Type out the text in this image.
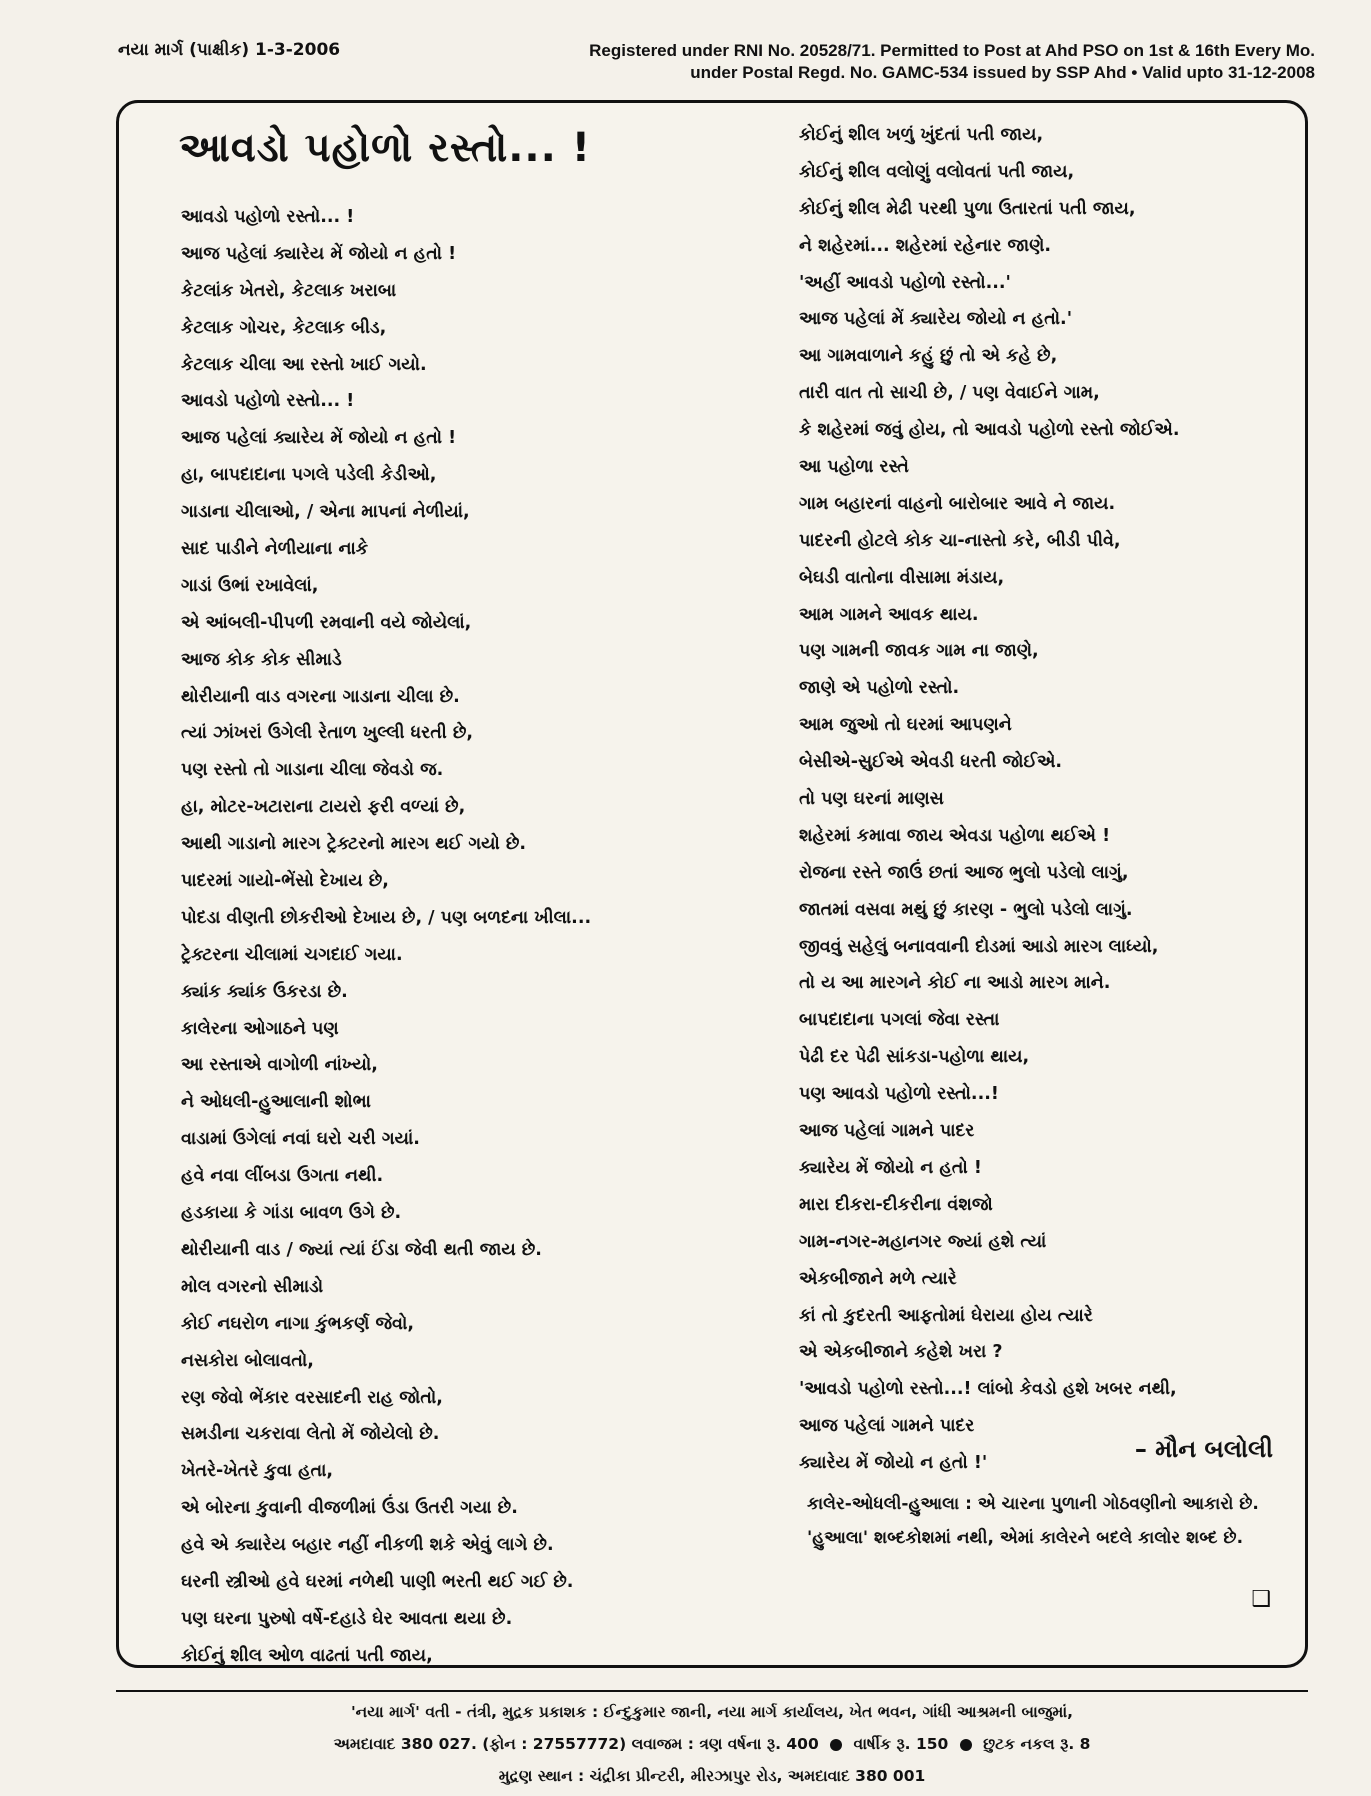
નયા માર્ગ (પાક્ષીક) 1-3-2006	Registered under RNI No. 20528/71. Permitted to Post at Ahd PSO on 1st & 16th Every Mo.
under Postal Regd. No. GAMC-534 issued by SSP Ahd • Valid upto 31-12-2008
આવડો પહોળો રસ્તો... !
આવડો પહોળો રસ્તો... !
આજ પહેલાં ક્યારેય મેં જોયો ન હતો !
કેટલાંક ખેતરો, કેટલાક ખરાબા
કેટલાક ગોચર, કેટલાક બીડ,
કેટલાક ચીલા આ રસ્તો ખાઈ ગયો.
આવડો પહોળો રસ્તો... !
આજ પહેલાં ક્યારેય મેં જોયો ન હતો !
હા, બાપદાદાના પગલે પડેલી કેડીઓ,
ગાડાના ચીલાઓ, / એના માપનાં નેળીયાં,
સાદ પાડીને નેળીયાના નાકે
ગાડાં ઉભાં રખાવેલાં,
એ આંબલી-પીપળી રમવાની વયે જોયેલાં,
આજ કોક કોક સીમાડે
થોરીયાની વાડ વગરના ગાડાના ચીલા છે.
ત્યાં ઝાંખરાં ઉગેલી રેતાળ ખુલ્લી ધરતી છે,
પણ રસ્તો તો ગાડાના ચીલા જેવડો જ.
હા, મોટર-ખટારાના ટાયરો ફરી વળ્યાં છે,
આથી ગાડાનો મારગ ટ્રેક્ટરનો મારગ થઈ ગયો છે.
પાદરમાં ગાયો-ભેંસો દેખાય છે,
પોદડા વીણતી છોકરીઓ દેખાય છે, / પણ બળદના ખીલા...
ટ્રેક્ટરના ચીલામાં ચગદાઈ ગયા.
ક્યાંક ક્યાંક ઉકરડા છે.
કાલેરના ઓગાઠને પણ
આ રસ્તાએ વાગોળી નાંખ્યો,
ને ઓધલી-હુઆલાની શોભા
વાડામાં ઉગેલાં નવાં ઘરો ચરી ગયાં.
હવે નવા લીંબડા ઉગતા નથી.
હડકાયા કે ગાંડા બાવળ ઉગે છે.
થોરીયાની વાડ / જ્યાં ત્યાં ઈંડા જેવી થતી જાય છે.
મોલ વગરનો સીમાડો
કોઈ નઘરોળ નાગા કુંભકર્ણ જેવો,
નસકોરા બોલાવતો,
રણ જેવો ભેંકાર વરસાદની રાહ જોતો,
સમડીના ચકરાવા લેતો મેં જોયેલો છે.
ખેતરે-ખેતરે કુવા હતા,
એ બોરના કુવાની વીજળીમાં ઉંડા ઉતરી ગયા છે.
હવે એ ક્યારેય બહાર નહીં નીકળી શકે એવું લાગે છે.
ઘરની સ્ત્રીઓ હવે ઘરમાં નળેથી પાણી ભરતી થઈ ગઈ છે.
પણ ઘરના પુરુષો વર્ષે-દહાડે ઘેર આવતા થયા છે.
કોઈનું શીલ ઓળ વાઢતાં પતી જાય,
કોઈનું શીલ ખળું ખુંદતાં પતી જાય,
કોઈનું શીલ વલોણું વલોવતાં પતી જાય,
કોઈનું શીલ મેઢી પરથી પુળા ઉતારતાં પતી જાય,
ને શહેરમાં... શહેરમાં રહેનાર જાણે.
'અહીં આવડો પહોળો રસ્તો...'
આજ પહેલાં મેં ક્યારેય જોયો ન હતો.'
આ ગામવાળાને કહું છું તો એ કહે છે,
તારી વાત તો સાચી છે, / પણ વેવાઈને ગામ,
કે શહેરમાં જવું હોય, તો આવડો પહોળો રસ્તો જોઈએ.
આ પહોળા રસ્તે
ગામ બહારનાં વાહનો બારોબાર આવે ને જાય.
પાદરની હોટલે કોક ચા-નાસ્તો કરે, બીડી પીવે,
બેઘડી વાતોના વીસામા મંડાય,
આમ ગામને આવક થાય.
પણ ગામની જાવક ગામ ના જાણે,
જાણે એ પહોળો રસ્તો.
આમ જુઓ તો ઘરમાં આપણને
બેસીએ-સુઈએ એવડી ધરતી જોઈએ.
તો પણ ઘરનાં માણસ
શહેરમાં કમાવા જાય એવડા પહોળા થઈએ !
રોજના રસ્તે જાઉં છતાં આજ ભુલો પડેલો લાગું,
જાતમાં વસવા મથું છું કારણ - ભુલો પડેલો લાગું.
જીવવું સહેલું બનાવવાની દોડમાં આડો મારગ લાધ્યો,
તો ય આ મારગને કોઈ ના આડો મારગ માને.
બાપદાદાના પગલાં જેવા રસ્તા
પેઢી દર પેઢી સાંકડા-પહોળા થાય,
પણ આવડો પહોળો રસ્તો...!
આજ પહેલાં ગામને પાદર
ક્યારેય મેં જોયો ન હતો !
મારા દીકરા-દીકરીના વંશજો
ગામ-નગર-મહાનગર જ્યાં હશે ત્યાં
એકબીજાને મળે ત્યારે
કાં તો કુદરતી આફતોમાં ઘેરાયા હોય ત્યારે
એ એકબીજાને કહેશે ખરા ?
'આવડો પહોળો રસ્તો...! લાંબો કેવડો હશે ખબર નથી,
આજ પહેલાં ગામને પાદર
ક્યારેય મેં જોયો ન હતો !'
– મૌન બલોલી
કાલેર-ઓધલી-હુઆલા : એ ચારના પુળાની ગોઠવણીનો આકારો છે. 'હુઆલા' શબ્દકોશમાં નથી, એમાં કાલેરને બદલે કાલોર શબ્દ છે.
❑
'નયા માર્ગ' વતી - તંત્રી, મુદ્રક પ્રકાશક : ઈન્દુકુમાર જાની, નયા માર્ગ કાર્યાલય, ખેત ભવન, ગાંધી આશ્રમની બાજુમાં,
અમદાવાદ 380 027. (ફોન : 27557772) લવાજમ : ત્રણ વર્ષના રૂ. 400 વાર્ષીક રૂ. 150 છુટક નકલ રૂ. 8
મુદ્રણ સ્થાન : ચંદ્રીકા પ્રીન્ટરી, મીરઝાપુર રોડ, અમદાવાદ 380 001
